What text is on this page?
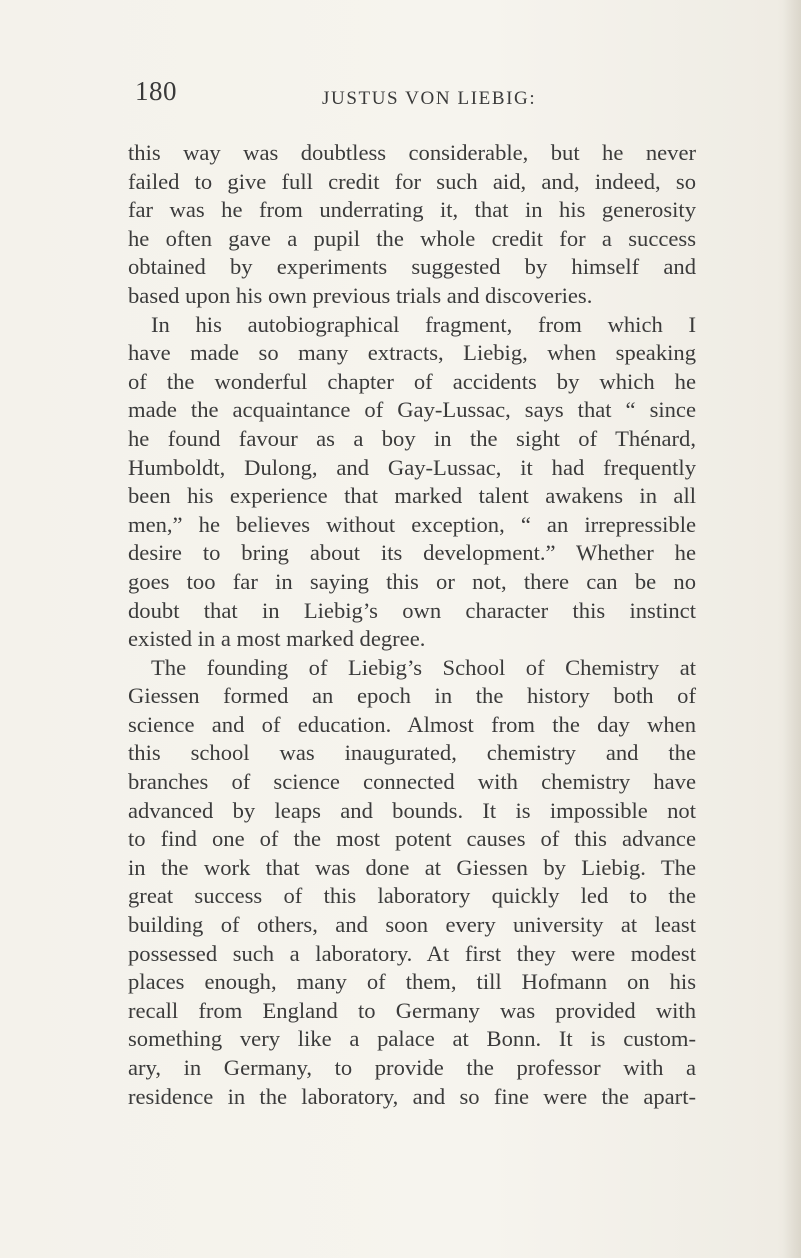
180	JUSTUS VON LIEBIG:
this way was doubtless considerable, but he never
failed to give full credit for such aid, and, indeed, so
far was he from underrating it, that in his generosity
he often gave a pupil the whole credit for a success
obtained by experiments suggested by himself and
based upon his own previous trials and discoveries.
In his autobiographical fragment, from which I
have made so many extracts, Liebig, when speaking
of the wonderful chapter of accidents by which he
made the acquaintance of Gay-Lussac, says that “ since
he found favour as a boy in the sight of Thénard,
Humboldt, Dulong, and Gay-Lussac, it had frequently
been his experience that marked talent awakens in all
men,” he believes without exception, “ an irrepressible
desire to bring about its development.” Whether he
goes too far in saying this or not, there can be no
doubt that in Liebig’s own character this instinct
existed in a most marked degree.
The founding of Liebig’s School of Chemistry at
Giessen formed an epoch in the history both of
science and of education. Almost from the day when
this school was inaugurated, chemistry and the
branches of science connected with chemistry have
advanced by leaps and bounds. It is impossible not
to find one of the most potent causes of this advance
in the work that was done at Giessen by Liebig. The
great success of this laboratory quickly led to the
building of others, and soon every university at least
possessed such a laboratory. At first they were modest
places enough, many of them, till Hofmann on his
recall from England to Germany was provided with
something very like a palace at Bonn. It is custom-
ary, in Germany, to provide the professor with a
residence in the laboratory, and so fine were the apart-
